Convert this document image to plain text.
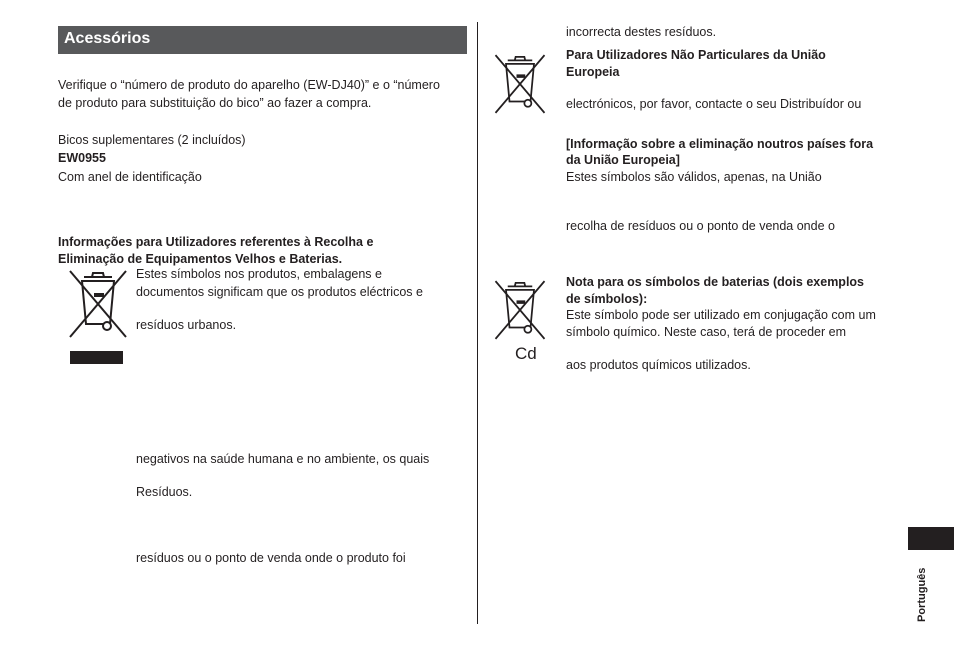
Acessórios
Verifique o “número de produto do aparelho (EW-DJ40)” e o “número
de produto para substituição do bico” ao fazer a compra.
Bicos suplementares (2 incluídos)
EW0955
Com anel de identificação
Informações para Utilizadores referentes à Recolha e
Eliminação de Equipamentos Velhos e Baterias.
Estes símbolos nos produtos, embalagens e
documentos significam que os produtos eléctricos e
resíduos urbanos.
negativos na saúde humana e no ambiente, os quais
Resíduos.
resíduos ou o ponto de venda onde o produto foi
incorrecta destes resíduos.
Para Utilizadores Não Particulares da União
Europeia
electrónicos, por favor, contacte o seu Distribuídor ou
[Informação sobre a eliminação noutros países fora
da União Europeia]
Estes símbolos são válidos, apenas, na União
recolha de resíduos ou o ponto de venda onde o
Cd
Nota para os símbolos de baterias (dois exemplos
de símbolos):
Este símbolo pode ser utilizado em conjugação com um
símbolo químico. Neste caso, terá de proceder em
aos produtos químicos utilizados.
Português
